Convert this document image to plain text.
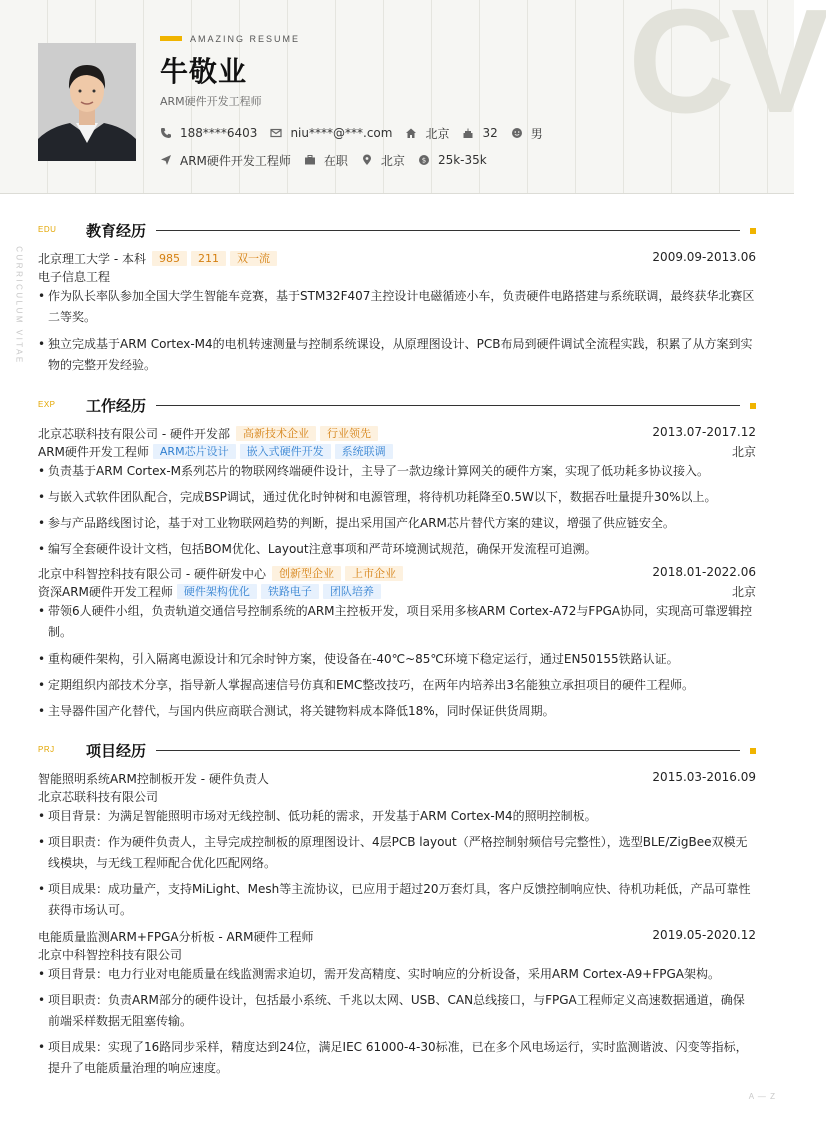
CV
AMAZING RESUME
牛敬业
ARM硬件开发工程师
188****6403	niu****@***.com	北京	32	男
ARM硬件开发工程师	在职	北京 $ 25k-35k
CURRICULUM VITAE
EDU 教育经历
北京理工大学 - 本科	985	211	双一流	2009.09-2013.06
电子信息工程
• 作为队长率队参加全国大学生智能车竞赛，基于STM32F407主控设计电磁循迹小车，负责硬件电路搭建与系统联调，最终获华北赛区二等奖。
• 独立完成基于ARM Cortex-M4的电机转速测量与控制系统课设，从原理图设计、PCB布局到硬件调试全流程实践，积累了从方案到实物的完整开发经验。
EXP 工作经历
北京芯联科技有限公司 - 硬件开发部	高新技术企业	行业领先	2013.07-2017.12
ARM硬件开发工程师	ARM芯片设计	嵌入式硬件开发	系统联调	北京
• 负责基于ARM Cortex-M系列芯片的物联网终端硬件设计，主导了一款边缘计算网关的硬件方案，实现了低功耗多协议接入。
• 与嵌入式软件团队配合，完成BSP调试，通过优化时钟树和电源管理，将待机功耗降至0.5W以下，数据吞吐量提升30%以上。
• 参与产品路线图讨论，基于对工业物联网趋势的判断，提出采用国产化ARM芯片替代方案的建议，增强了供应链安全。
• 编写全套硬件设计文档，包括BOM优化、Layout注意事项和严苛环境测试规范，确保开发流程可追溯。
北京中科智控科技有限公司 - 硬件研发中心	创新型企业	上市企业	2018.01-2022.06
资深ARM硬件开发工程师	硬件架构优化	铁路电子	团队培养	北京
• 带领6人硬件小组，负责轨道交通信号控制系统的ARM主控板开发，项目采用多核ARM Cortex-A72与FPGA协同，实现高可靠逻辑控制。
• 重构硬件架构，引入隔离电源设计和冗余时钟方案，使设备在-40℃~85℃环境下稳定运行，通过EN50155铁路认证。
• 定期组织内部技术分享，指导新人掌握高速信号仿真和EMC整改技巧，在两年内培养出3名能独立承担项目的硬件工程师。
• 主导器件国产化替代，与国内供应商联合测试，将关键物料成本降低18%，同时保证供货周期。
PRJ 项目经历
智能照明系统ARM控制板开发 - 硬件负责人	2015.03-2016.09
北京芯联科技有限公司
• 项目背景：为满足智能照明市场对无线控制、低功耗的需求，开发基于ARM Cortex-M4的照明控制板。
• 项目职责：作为硬件负责人，主导完成控制板的原理图设计、4层PCB layout（严格控制射频信号完整性），选型BLE/ZigBee双模无线模块，与无线工程师配合优化匹配网络。
• 项目成果：成功量产，支持MiLight、Mesh等主流协议，已应用于超过20万套灯具，客户反馈控制响应快、待机功耗低，产品可靠性获得市场认可。
电能质量监测ARM+FPGA分析板 - ARM硬件工程师	2019.05-2020.12
北京中科智控科技有限公司
• 项目背景：电力行业对电能质量在线监测需求迫切，需开发高精度、实时响应的分析设备，采用ARM Cortex-A9+FPGA架构。
• 项目职责：负责ARM部分的硬件设计，包括最小系统、千兆以太网、USB、CAN总线接口，与FPGA工程师定义高速数据通道，确保前端采样数据无阻塞传输。
• 项目成果：实现了16路同步采样，精度达到24位，满足IEC 61000-4-30标准，已在多个风电场运行，实时监测谐波、闪变等指标，提升了电能质量治理的响应速度。
A — Z
